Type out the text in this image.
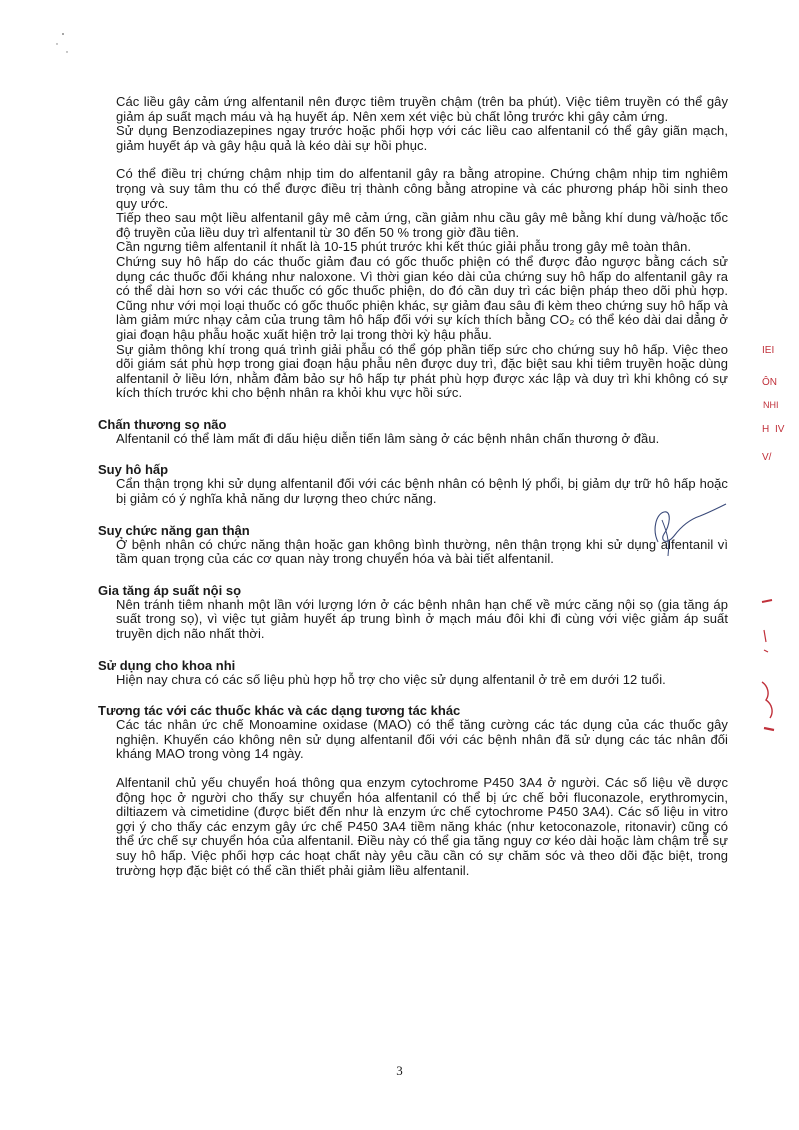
Các liều gây cảm ứng alfentanil nên được tiêm truyền chậm (trên ba phút). Việc tiêm truyền có thể gây giảm áp suất mạch máu và hạ huyết áp. Nên xem xét việc bù chất lỏng trước khi gây cảm ứng.
Sử dụng Benzodiazepines ngay trước hoặc phối hợp với các liều cao alfentanil có thể gây giãn mạch, giảm huyết áp và gây hậu quả là kéo dài sự hồi phục.
Có thể điều trị chứng chậm nhịp tim do alfentanil gây ra bằng atropine. Chứng chậm nhịp tim nghiêm trọng và suy tâm thu có thể được điều trị thành công bằng atropine và các phương pháp hồi sinh theo quy ước.
Tiếp theo sau một liều alfentanil gây mê cảm ứng, cần giảm nhu cầu gây mê bằng khí dung và/hoặc tốc độ truyền của liều duy trì alfentanil từ 30 đến 50 % trong giờ đầu tiên.
Cần ngưng tiêm alfentanil ít nhất là 10-15 phút trước khi kết thúc giải phẫu trong gây mê toàn thân.
Chứng suy hô hấp do các thuốc giảm đau có gốc thuốc phiện có thể được đảo ngược bằng cách sử dụng các thuốc đối kháng như naloxone. Vì thời gian kéo dài của chứng suy hô hấp do alfentanil gây ra có thể dài hơn so với các thuốc có gốc thuốc phiện, do đó cần duy trì các biện pháp theo dõi phù hợp. Cũng như với mọi loại thuốc có gốc thuốc phiện khác, sự giảm đau sâu đi kèm theo chứng suy hô hấp và làm giảm mức nhạy cảm của trung tâm hô hấp đối với sự kích thích bằng CO₂ có thể kéo dài dai dẳng ở giai đoạn hậu phẫu hoặc xuất hiện trở lại trong thời kỳ hậu phẫu.
Sự giảm thông khí trong quá trình giải phẫu có thể góp phần tiếp sức cho chứng suy hô hấp. Việc theo dõi giám sát phù hợp trong giai đoạn hậu phẫu nên được duy trì, đặc biệt sau khi tiêm truyền hoặc dùng alfentanil ở liều lớn, nhằm đảm bảo sự hô hấp tự phát phù hợp được xác lập và duy trì khi không có sự kích thích trước khi cho bệnh nhân ra khỏi khu vực hồi sức.
Chấn thương sọ não
Alfentanil có thể làm mất đi dấu hiệu diễn tiến lâm sàng ở các bệnh nhân chấn thương ở đầu.
Suy hô hấp
Cẩn thận trọng khi sử dụng alfentanil đối với các bệnh nhân có bệnh lý phổi, bị giảm dự trữ hô hấp hoặc bị giảm có ý nghĩa khả năng dư lượng theo chức năng.
Suy chức năng gan thận
Ở bệnh nhân có chức năng thận hoặc gan không bình thường, nên thận trọng khi sử dụng alfentanil vì tầm quan trọng của các cơ quan này trong chuyển hóa và bài tiết alfentanil.
Gia tăng áp suất nội sọ
Nên tránh tiêm nhanh một lần với lượng lớn ở các bệnh nhân hạn chế về mức căng nội sọ (gia tăng áp suất trong sọ), vì việc tụt giảm huyết áp trung bình ở mạch máu đôi khi đi cùng với việc giảm áp suất truyền dịch não nhất thời.
Sử dụng cho khoa nhi
Hiện nay chưa có các số liệu phù hợp hỗ trợ cho việc sử dụng alfentanil ở trẻ em dưới 12 tuổi.
Tương tác với các thuốc khác và các dạng tương tác khác
Các tác nhân ức chế Monoamine oxidase (MAO) có thể tăng cường các tác dụng của các thuốc gây nghiện. Khuyến cáo không nên sử dụng alfentanil đối với các bệnh nhân đã sử dụng các tác nhân đối kháng MAO trong vòng 14 ngày.
Alfentanil chủ yếu chuyển hoá thông qua enzym cytochrome P450 3A4 ở người. Các số liệu về dược động học ở người cho thấy sự chuyển hóa alfentanil có thể bị ức chế bởi fluconazole, erythromycin, diltiazem và cimetidine (được biết đến như là enzym ức chế cytochrome P450 3A4). Các số liệu in vitro gợi ý cho thấy các enzym gây ức chế P450 3A4 tiềm năng khác (như ketoconazole, ritonavir) cũng có thể ức chế sự chuyển hóa của alfentanil. Điều này có thể gia tăng nguy cơ kéo dài hoặc làm chậm trễ sự suy hô hấp. Việc phối hợp các hoạt chất này yêu cầu cần có sự chăm sóc và theo dõi đặc biệt, trong trường hợp đặc biệt có thể cần thiết phải giảm liều alfentanil.
IEI
ÔN
NHI
H IV
V/
3
